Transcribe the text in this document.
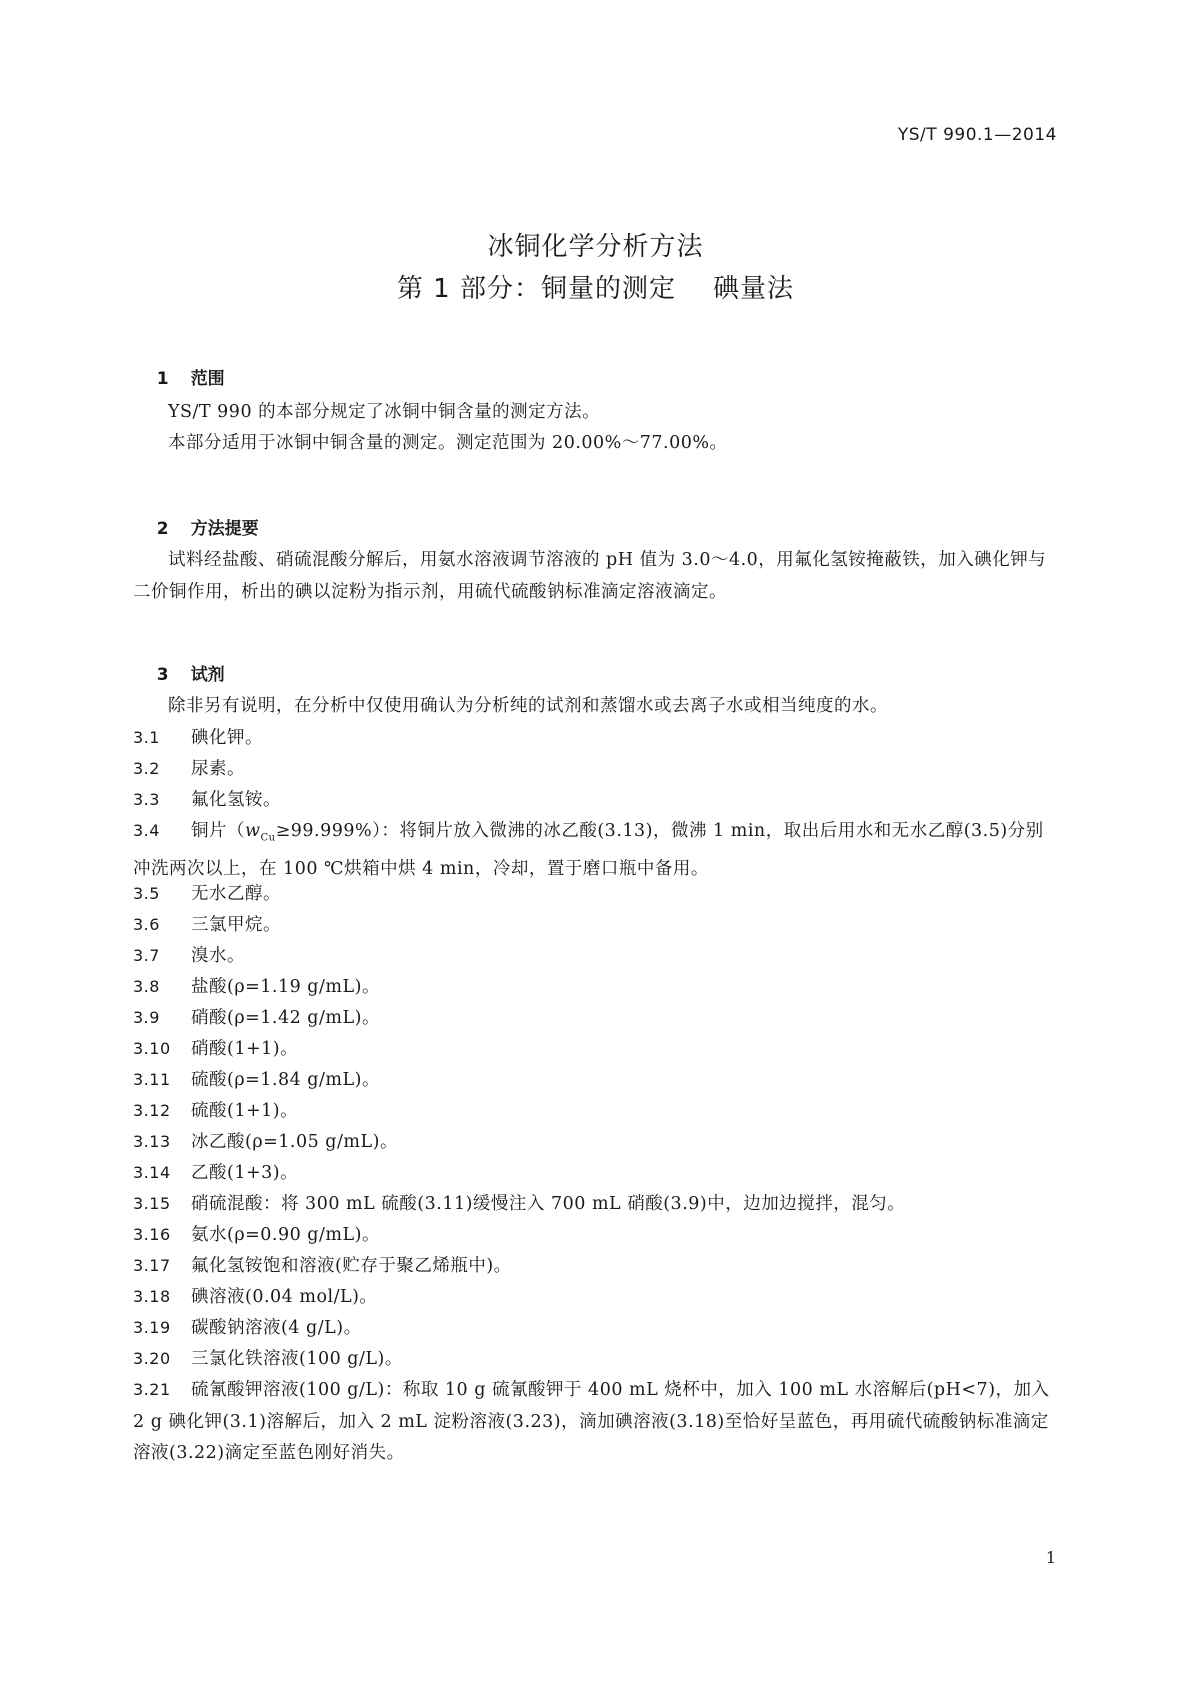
YS/T 990.1—2014
冰铜化学分析方法
第 1 部分：铜量的测定    碘量法

1 范围

YS/T 990 的本部分规定了冰铜中铜含量的测定方法。
本部分适用于冰铜中铜含量的测定。测定范围为 20.00%～77.00%。

2 方法提要

试料经盐酸、硝硫混酸分解后，用氨水溶液调节溶液的 pH 值为 3.0～4.0，用氟化氢铵掩蔽铁，加入碘化钾与二价铜作用，析出的碘以淀粉为指示剂，用硫代硫酸钠标准滴定溶液滴定。

3 试剂

除非另有说明，在分析中仅使用确认为分析纯的试剂和蒸馏水或去离子水或相当纯度的水。
3.1 碘化钾。
3.2 尿素。
3.3 氟化氢铵。
3.4 铜片$(w_{Cu}\ge 99.999\%)$：将铜片放入微沸的冰乙酸(3.13)，微沸 1 min，取出后用水和无水乙醇(3.5)分别冲洗两次以上，在 100 ℃烘箱中烘 4 min，冷却，置于磨口瓶中备用。
3.5 无水乙醇。
3.6 三氯甲烷。
3.7 溴水。
3.8 盐酸(ρ=1.19 g/mL)。
3.9 硝酸(ρ=1.42 g/mL)。
3.10 硝酸(1+1)。
3.11 硫酸(ρ=1.84 g/mL)。
3.12 硫酸(1+1)。
3.13 冰乙酸(ρ=1.05 g/mL)。
3.14 乙酸(1+3)。
3.15 硝硫混酸：将 300 mL 硫酸(3.11)缓慢注入 700 mL 硝酸(3.9)中，边加边搅拌，混匀。
3.16 氨水(ρ=0.90 g/mL)。
3.17 氟化氢铵饱和溶液(贮存于聚乙烯瓶中)。
3.18 碘溶液(0.04 mol/L)。
3.19 碳酸钠溶液(4 g/L)。
3.20 三氯化铁溶液(100 g/L)。
3.21 硫氰酸钾溶液(100 g/L)：称取 10 g 硫氰酸钾于 400 mL 烧杯中，加入 100 mL 水溶解后(pH<7)，加入 2 g 碘化钾(3.1)溶解后，加入 2 mL 淀粉溶液(3.23)，滴加碘溶液(3.18)至恰好呈蓝色，再用硫代硫酸钠标准滴定溶液(3.22)滴定至蓝色刚好消失。
1
